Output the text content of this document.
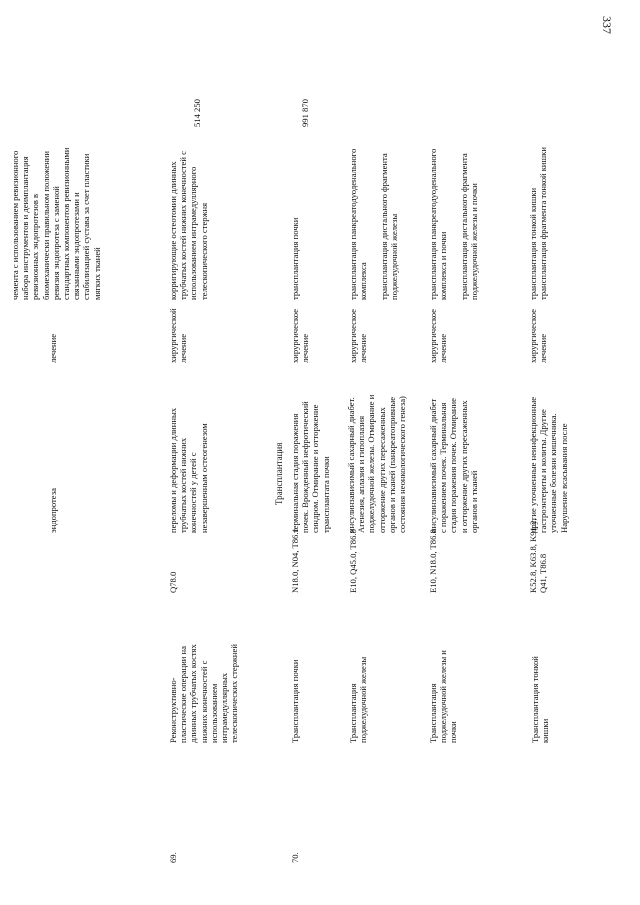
337
эндопротеза
лечение
чемента с использованием ревизионного
набора инструментов и деимплантация
ревизионных эндопротезов в
биомеханически правильном положении
ревизия эндопротеза с заменой
стандартных компонентов ревизионными
связанными эндопротезами и
стабилизацией сустава за счет пластики
мягких тканей
69.
Реконструктивно-
пластические операции на
длинных трубчатых костях
нижних конечностей с
использованием
интрамедуллярных
телескопических стержней
Q78.0
переломы и деформации длинных
трубчатых костей нижних
конечностей у детей с
незавершенным остеогенезом
хирургической
лечение
корригирующие остеотомии длинных
трубчатых костей нижних конечностей с
использованием интрамедуллярного
телескопического стержня
514 250
Трансплантация
70.
Трансплантация почки
N18.0, N04, T86.1
терминальная стадия поражения
почек. Врожденный нефротический
синдром. Отмирание и отторжение
трансплантата почки
хирургическое
лечение
трансплантация почки
991 870
Трансплантация
поджелудочной железы
E10, Q45.0, T86.8
инсулинзависимый сахарный диабет.
Агенезия, аплазия и гипоплазия
поджелудочной железы. Отмирание и
отторжение других пересаженных
органов и тканей (панкреатопривные
состояния неонкологического генеза)
хирургическое
лечение
трансплантация панкреатодуоденального
комплекса

трансплантация дистального фрагмента
поджелудочной железы
Трансплантация
поджелудочной железы и
почки
E10, N18.0, T86.8
инсулинзависимый сахарный диабет
с поражением почек. Терминальная
стадия поражения почек. Отмирание
и отторжение других пересаженных
органов и тканей
хирургическое
лечение
трансплантация панкреатодуоденального
комплекса и почки

трансплантация дистального фрагмента
поджелудочной железы и почки
Трансплантация тонкой
кишки
K52.8, K63.8, K91.2,
Q41, T86.8
другие уточненные неинфекционные
гастроэнтериты и колиты. Другие
уточненные болезни кишечника.
Нарушение всасывания после
хирургическое
лечение
трансплантация тонкой кишки
трансплантация фрагмента тонкой кишки
